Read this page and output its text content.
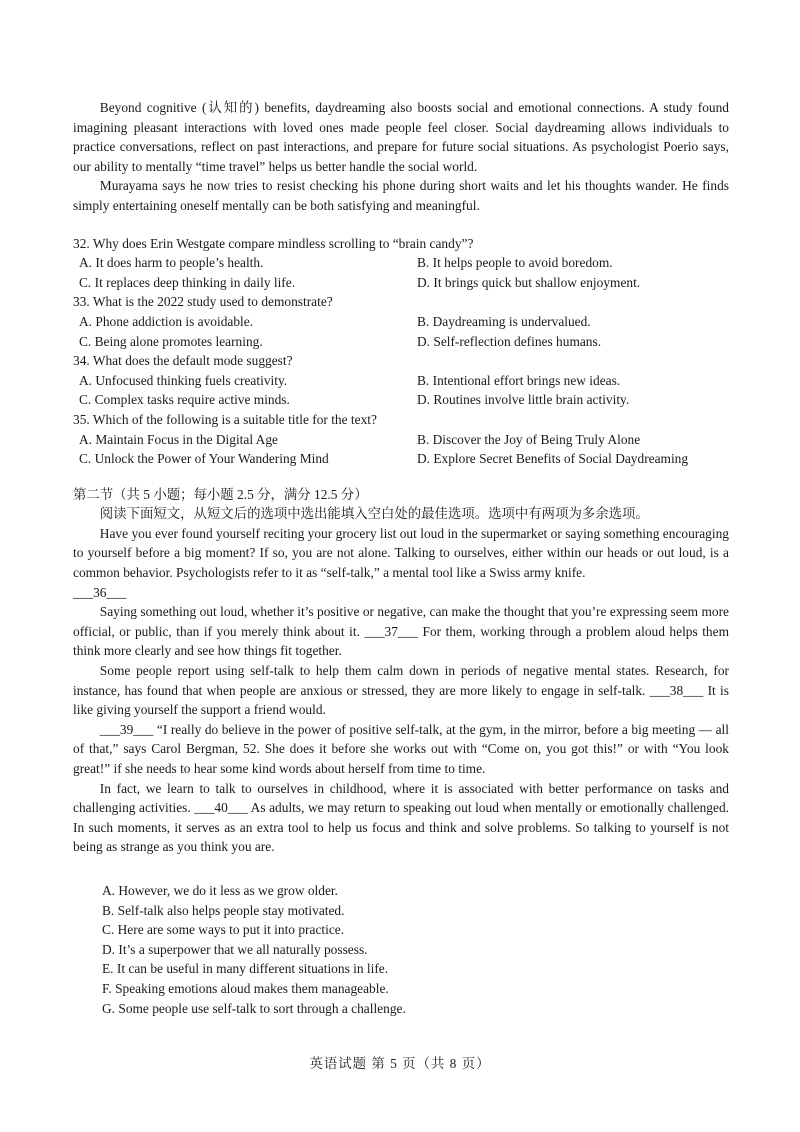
Beyond cognitive (认知的) benefits, daydreaming also boosts social and emotional connections. A study found imagining pleasant interactions with loved ones made people feel closer. Social daydreaming allows individuals to practice conversations, reflect on past interactions, and prepare for future social situations. As psychologist Poerio says, our ability to mentally “time travel” helps us better handle the social world.

Murayama says he now tries to resist checking his phone during short waits and let his thoughts wander. He finds simply entertaining oneself mentally can be both satisfying and meaningful.

32. Why does Erin Westgate compare mindless scrolling to “brain candy”?

A. It does harm to people’s health.	B. It helps people to avoid boredom.
C. It replaces deep thinking in daily life.	D. It brings quick but shallow enjoyment.

33. What is the 2022 study used to demonstrate?

A. Phone addiction is avoidable.	B. Daydreaming is undervalued.
C. Being alone promotes learning.	D. Self-reflection defines humans.

34. What does the default mode suggest?

A. Unfocused thinking fuels creativity.	B. Intentional effort brings new ideas.
C. Complex tasks require active minds.	D. Routines involve little brain activity.

35. Which of the following is a suitable title for the text?

A. Maintain Focus in the Digital Age	B. Discover the Joy of Being Truly Alone
C. Unlock the Power of Your Wandering Mind	D. Explore Secret Benefits of Social Daydreaming

第二节（共 5 小题；每小题 2.5 分，满分 12.5 分）

阅读下面短文，从短文后的选项中选出能填入空白处的最佳选项。选项中有两项为多余选项。

Have you ever found yourself reciting your grocery list out loud in the supermarket or saying something encouraging to yourself before a big moment? If so, you are not alone. Talking to ourselves, either within our heads or out loud, is a common behavior. Psychologists refer to it as “self-talk,” a mental tool like a Swiss army knife.
___36___

Saying something out loud, whether it’s positive or negative, can make the thought that you’re expressing seem more official, or public, than if you merely think about it. ___37___ For them, working through a problem aloud helps them think more clearly and see how things fit together.

Some people report using self-talk to help them calm down in periods of negative mental states. Research, for instance, has found that when people are anxious or stressed, they are more likely to engage in self-talk. ___38___ It is like giving yourself the support a friend would.

___39___ “I really do believe in the power of positive self-talk, at the gym, in the mirror, before a big meeting — all of that,” says Carol Bergman, 52. She does it before she works out with “Come on, you got this!” or with “You look great!” if she needs to hear some kind words about herself from time to time.

In fact, we learn to talk to ourselves in childhood, where it is associated with better performance on tasks and challenging activities. ___40___ As adults, we may return to speaking out loud when mentally or emotionally challenged. In such moments, it serves as an extra tool to help us focus and think and solve problems. So talking to yourself is not being as strange as you think you are.

A. However, we do it less as we grow older.
B. Self-talk also helps people stay motivated.
C. Here are some ways to put it into practice.
D. It’s a superpower that we all naturally possess.
E. It can be useful in many different situations in life.
F. Speaking emotions aloud makes them manageable.
G. Some people use self-talk to sort through a challenge.
英语试题 第 5 页（共 8 页）
